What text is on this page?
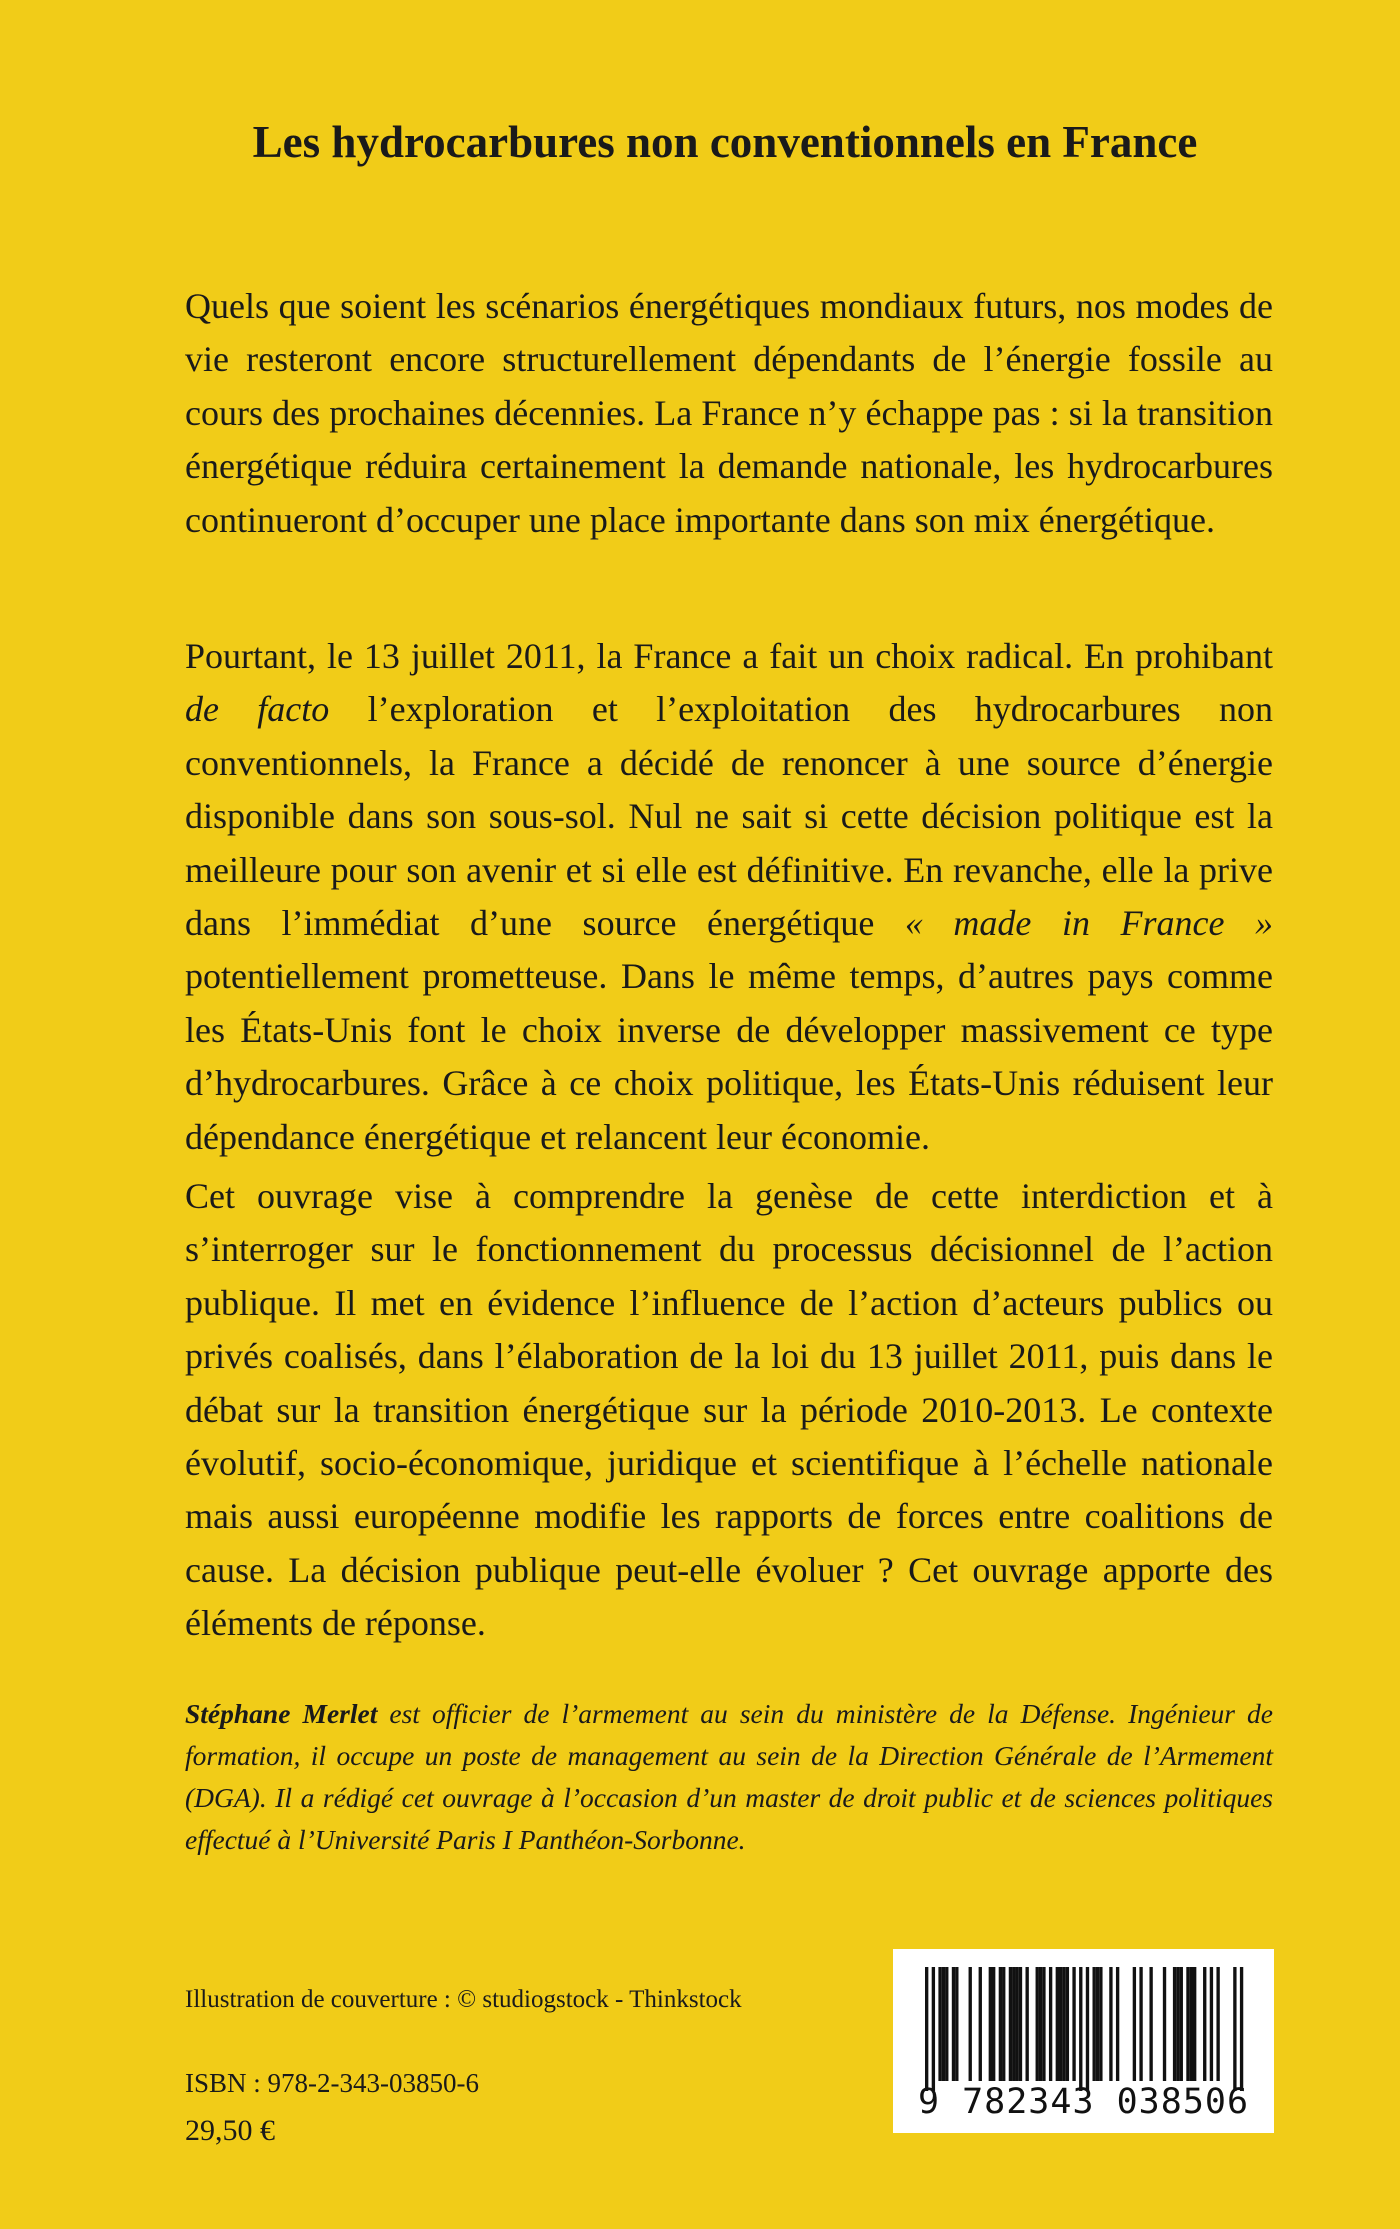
Les hydrocarbures non conventionnels en France

Quels que soient les scénarios énergétiques mondiaux futurs, nos modes de vie resteront encore structurellement dépendants de l’énergie fossile au cours des prochaines décennies. La France n’y échappe pas : si la transition énergétique réduira certainement la demande nationale, les hydrocarbures continueront d’occuper une place importante dans son mix énergétique.

Pourtant, le 13 juillet 2011, la France a fait un choix radical. En prohibant de facto l’exploration et l’exploitation des hydrocarbures non conventionnels, la France a décidé de renoncer à une source d’énergie disponible dans son sous-sol. Nul ne sait si cette décision politique est la meilleure pour son avenir et si elle est définitive. En revanche, elle la prive dans l’immédiat d’une source énergétique « made in France » potentiellement prometteuse. Dans le même temps, d’autres pays comme les États-Unis font le choix inverse de développer massivement ce type d’hydrocarbures. Grâce à ce choix politique, les États-Unis réduisent leur dépendance énergétique et relancent leur économie.

Cet ouvrage vise à comprendre la genèse de cette interdiction et à s’interroger sur le fonctionnement du processus décisionnel de l’action publique. Il met en évidence l’influence de l’action d’acteurs publics ou privés coalisés, dans l’élaboration de la loi du 13 juillet 2011, puis dans le débat sur la transition énergétique sur la période 2010-2013. Le contexte évolutif, socio-économique, juridique et scientifique à l’échelle nationale mais aussi européenne modifie les rapports de forces entre coalitions de cause. La décision publique peut-elle évoluer ? Cet ouvrage apporte des éléments de réponse.

Stéphane Merlet est officier de l’armement au sein du ministère de la Défense. Ingénieur de formation, il occupe un poste de management au sein de la Direction Générale de l’Armement (DGA). Il a rédigé cet ouvrage à l’occasion d’un master de droit public et de sciences politiques effectué à l’Université Paris I Panthéon-Sorbonne.

Illustration de couverture : © studiogstock - Thinkstock

ISBN : 978-2-343-03850-6

29,50 €

9 782343 038506
